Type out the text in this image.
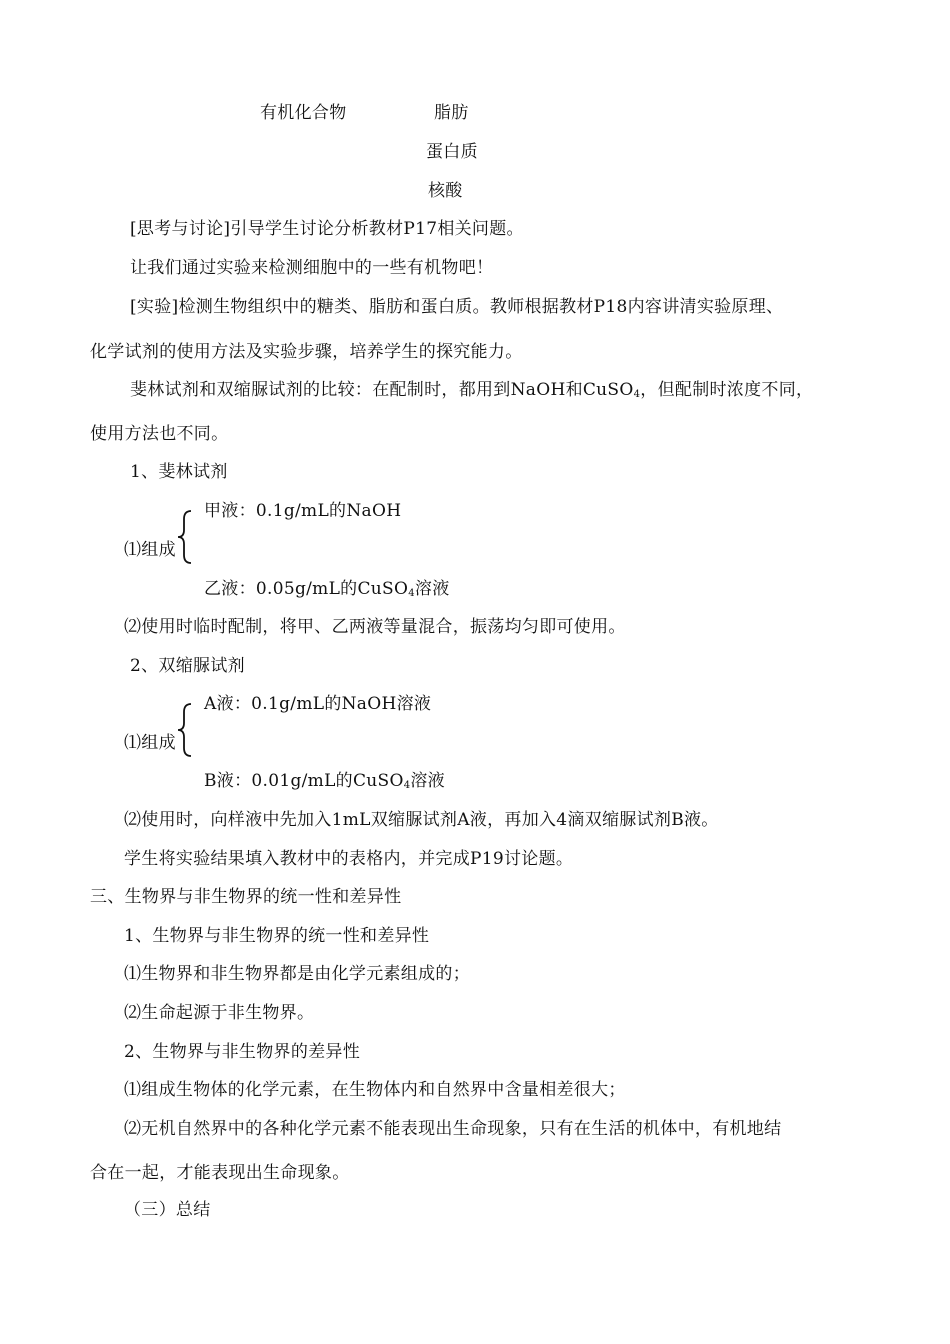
有机化合物	脂肪
蛋白质
核酸
[思考与讨论]引导学生讨论分析教材P17相关问题。
让我们通过实验来检测细胞中的一些有机物吧！
[实验]检测生物组织中的糖类、脂肪和蛋白质。教师根据教材P18内容讲清实验原理、
化学试剂的使用方法及实验步骤，培养学生的探究能力。
斐林试剂和双缩脲试剂的比较：在配制时，都用到NaOH和CuSO$_4$，但配制时浓度不同，
使用方法也不同。
1、斐林试剂
甲液：0.1g/mL的NaOH
⑴组成
乙液：0.05g/mL的CuSO$_4$溶液
⑵使用时临时配制，将甲、乙两液等量混合，振荡均匀即可使用。
2、双缩脲试剂
A液：0.1g/mL的NaOH溶液
⑴组成
B液：0.01g/mL的CuSO$_4$溶液
⑵使用时，向样液中先加入1mL双缩脲试剂A液，再加入4滴双缩脲试剂B液。
学生将实验结果填入教材中的表格内，并完成P19讨论题。
三、生物界与非生物界的统一性和差异性
1、生物界与非生物界的统一性和差异性
⑴生物界和非生物界都是由化学元素组成的；
⑵生命起源于非生物界。
2、生物界与非生物界的差异性
⑴组成生物体的化学元素，在生物体内和自然界中含量相差很大；
⑵无机自然界中的各种化学元素不能表现出生命现象，只有在生活的机体中，有机地结
合在一起，才能表现出生命现象。
（三）总结
